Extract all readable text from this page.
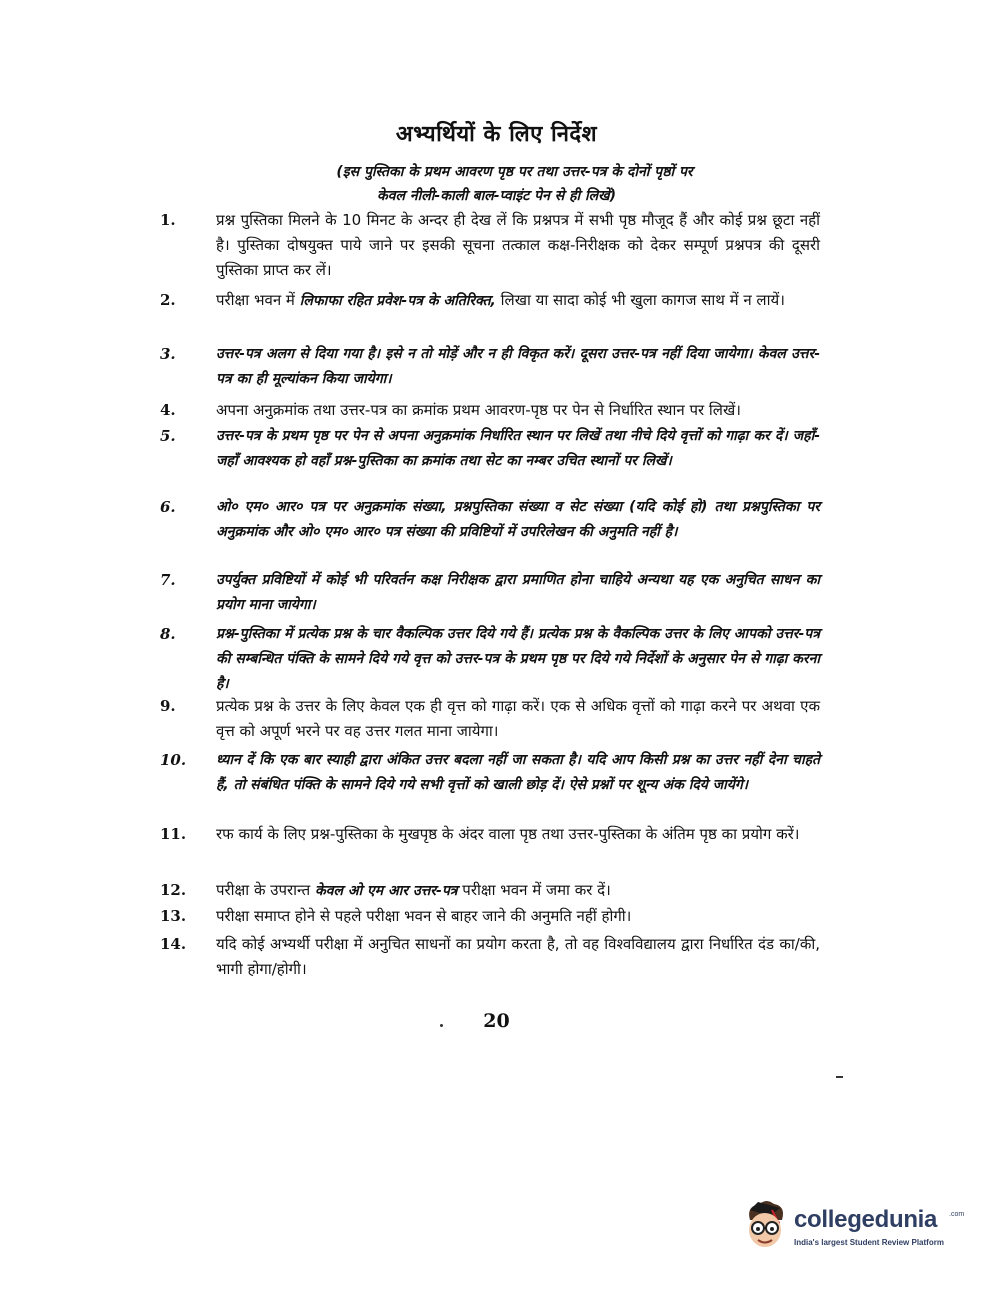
अभ्यर्थियों के लिए निर्देश
(इस पुस्तिका के प्रथम आवरण पृष्ठ पर तथा उत्तर-पत्र के दोनों पृष्ठों पर
केवल नीली-काली बाल-प्वाइंट पेन से ही लिखें)
1.	प्रश्न पुस्तिका मिलने के 10 मिनट के अन्दर ही देख लें कि प्रश्नपत्र में सभी पृष्ठ मौजूद हैं और कोई प्रश्न छूटा नहीं है। पुस्तिका दोषयुक्त पाये जाने पर इसकी सूचना तत्काल कक्ष-निरीक्षक को देकर सम्पूर्ण प्रश्नपत्र की दूसरी पुस्तिका प्राप्त कर लें।
2.	परीक्षा भवन में लिफाफा रहित प्रवेश-पत्र के अतिरिक्त, लिखा या सादा कोई भी खुला कागज साथ में न लायें।
3.	उत्तर-पत्र अलग से दिया गया है। इसे न तो मोड़ें और न ही विकृत करें। दूसरा उत्तर-पत्र नहीं दिया जायेगा। केवल उत्तर-पत्र का ही मूल्यांकन किया जायेगा।
4.	अपना अनुक्रमांक तथा उत्तर-पत्र का क्रमांक प्रथम आवरण-पृष्ठ पर पेन से निर्धारित स्थान पर लिखें।
5.	उत्तर-पत्र के प्रथम पृष्ठ पर पेन से अपना अनुक्रमांक निर्धारित स्थान पर लिखें तथा नीचे दिये वृत्तों को गाढ़ा कर दें। जहाँ-जहाँ आवश्यक हो वहाँ प्रश्न-पुस्तिका का क्रमांक तथा सेट का नम्बर उचित स्थानों पर लिखें।
6.	ओ० एम० आर० पत्र पर अनुक्रमांक संख्या, प्रश्नपुस्तिका संख्या व सेट संख्या (यदि कोई हो) तथा प्रश्नपुस्तिका पर अनुक्रमांक और ओ० एम० आर० पत्र संख्या की प्रविष्टियों में उपरिलेखन की अनुमति नहीं है।
7.	उपर्युक्त प्रविष्टियों में कोई भी परिवर्तन कक्ष निरीक्षक द्वारा प्रमाणित होना चाहिये अन्यथा यह एक अनुचित साधन का प्रयोग माना जायेगा।
8.	प्रश्न-पुस्तिका में प्रत्येक प्रश्न के चार वैकल्पिक उत्तर दिये गये हैं। प्रत्येक प्रश्न के वैकल्पिक उत्तर के लिए आपको उत्तर-पत्र की सम्बन्धित पंक्ति के सामने दिये गये वृत्त को उत्तर-पत्र के प्रथम पृष्ठ पर दिये गये निर्देशों के अनुसार पेन से गाढ़ा करना है।
9.	प्रत्येक प्रश्न के उत्तर के लिए केवल एक ही वृत्त को गाढ़ा करें। एक से अधिक वृत्तों को गाढ़ा करने पर अथवा एक वृत्त को अपूर्ण भरने पर वह उत्तर गलत माना जायेगा।
10.	ध्यान दें कि एक बार स्याही द्वारा अंकित उत्तर बदला नहीं जा सकता है। यदि आप किसी प्रश्न का उत्तर नहीं देना चाहते हैं, तो संबंधित पंक्ति के सामने दिये गये सभी वृत्तों को खाली छोड़ दें। ऐसे प्रश्नों पर शून्य अंक दिये जायेंगे।
11.	रफ कार्य के लिए प्रश्न-पुस्तिका के मुखपृष्ठ के अंदर वाला पृष्ठ तथा उत्तर-पुस्तिका के अंतिम पृष्ठ का प्रयोग करें।
12.	परीक्षा के उपरान्त केवल ओ एम आर उत्तर-पत्र परीक्षा भवन में जमा कर दें।
13.	परीक्षा समाप्त होने से पहले परीक्षा भवन से बाहर जाने की अनुमति नहीं होगी।
14.	यदि कोई अभ्यर्थी परीक्षा में अनुचित साधनों का प्रयोग करता है, तो वह विश्वविद्यालय द्वारा निर्धारित दंड का/की, भागी होगा/होगी।
20
collegedunia .com
India's largest Student Review Platform
